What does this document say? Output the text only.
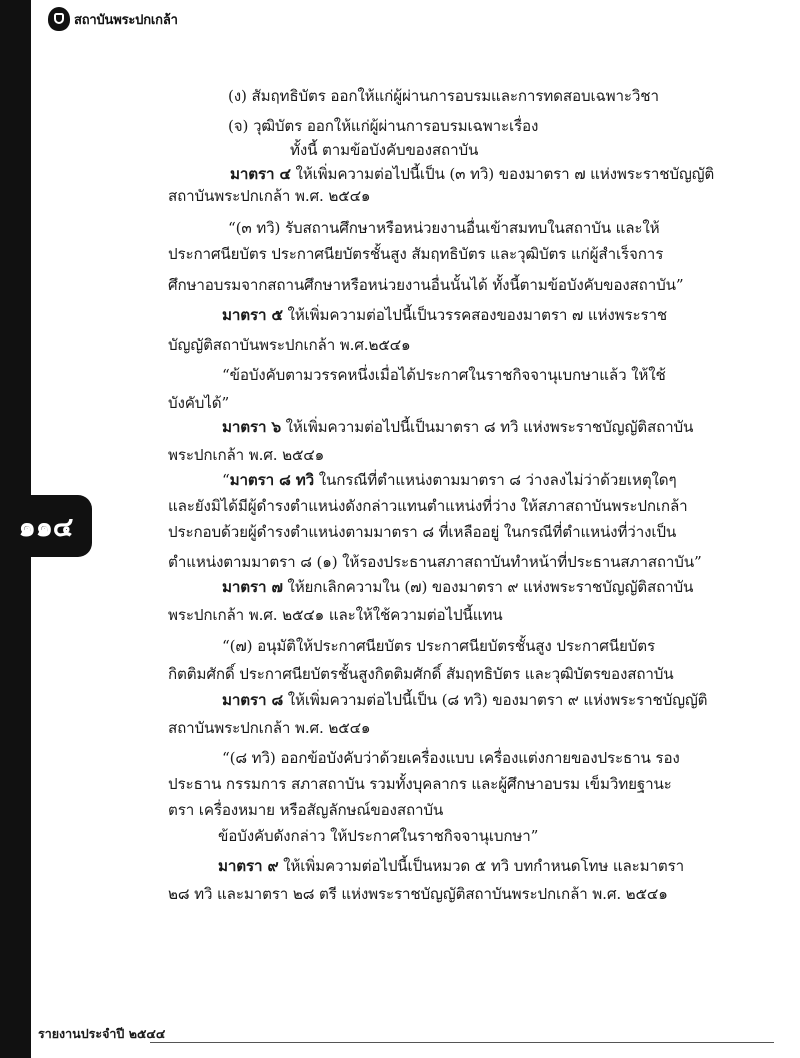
สถาบันพระปกเกล้า
๑๑๔
(ง) สัมฤทธิบัตร ออกให้แก่ผู้ผ่านการอบรมและการทดสอบเฉพาะวิชา
(จ) วุฒิบัตร ออกให้แก่ผู้ผ่านการอบรมเฉพาะเรื่อง
ทั้งนี้ ตามข้อบังคับของสถาบัน
มาตรา ๔ ให้เพิ่มความต่อไปนี้เป็น (๓ ทวิ) ของมาตรา ๗ แห่งพระราชบัญญัติ
สถาบันพระปกเกล้า พ.ศ. ๒๕๔๑
“(๓ ทวิ) รับสถานศึกษาหรือหน่วยงานอื่นเข้าสมทบในสถาบัน และให้
ประกาศนียบัตร ประกาศนียบัตรชั้นสูง สัมฤทธิบัตร และวุฒิบัตร แก่ผู้สำเร็จการ
ศึกษาอบรมจากสถานศึกษาหรือหน่วยงานอื่นนั้นได้ ทั้งนี้ตามข้อบังคับของสถาบัน”
มาตรา ๕ ให้เพิ่มความต่อไปนี้เป็นวรรคสองของมาตรา ๗ แห่งพระราช
บัญญัติสถาบันพระปกเกล้า พ.ศ.๒๕๔๑
“ข้อบังคับตามวรรคหนึ่งเมื่อได้ประกาศในราชกิจจานุเบกษาแล้ว ให้ใช้
บังคับได้”
มาตรา ๖ ให้เพิ่มความต่อไปนี้เป็นมาตรา ๘ ทวิ แห่งพระราชบัญญัติสถาบัน
พระปกเกล้า พ.ศ. ๒๕๔๑
“มาตรา ๘ ทวิ ในกรณีที่ตำแหน่งตามมาตรา ๘ ว่างลงไม่ว่าด้วยเหตุใดๆ
และยังมิได้มีผู้ดำรงตำแหน่งดังกล่าวแทนตำแหน่งที่ว่าง ให้สภาสถาบันพระปกเกล้า
ประกอบด้วยผู้ดำรงตำแหน่งตามมาตรา ๘ ที่เหลืออยู่ ในกรณีที่ตำแหน่งที่ว่างเป็น
ตำแหน่งตามมาตรา ๘ (๑) ให้รองประธานสภาสถาบันทำหน้าที่ประธานสภาสถาบัน”
มาตรา ๗ ให้ยกเลิกความใน (๗) ของมาตรา ๙ แห่งพระราชบัญญัติสถาบัน
พระปกเกล้า พ.ศ. ๒๕๔๑ และให้ใช้ความต่อไปนี้แทน
“(๗) อนุมัติให้ประกาศนียบัตร ประกาศนียบัตรชั้นสูง ประกาศนียบัตร
กิตติมศักดิ์ ประกาศนียบัตรชั้นสูงกิตติมศักดิ์ สัมฤทธิบัตร และวุฒิบัตรของสถาบัน
มาตรา ๘ ให้เพิ่มความต่อไปนี้เป็น (๘ ทวิ) ของมาตรา ๙ แห่งพระราชบัญญัติ
สถาบันพระปกเกล้า พ.ศ. ๒๕๔๑
“(๘ ทวิ) ออกข้อบังคับว่าด้วยเครื่องแบบ เครื่องแต่งกายของประธาน รอง
ประธาน กรรมการ สภาสถาบัน รวมทั้งบุคลากร และผู้ศึกษาอบรม เข็มวิทยฐานะ
ตรา เครื่องหมาย หรือสัญลักษณ์ของสถาบัน
ข้อบังคับดังกล่าว ให้ประกาศในราชกิจจานุเบกษา”
มาตรา ๙ ให้เพิ่มความต่อไปนี้เป็นหมวด ๕ ทวิ บทกำหนดโทษ และมาตรา
๒๘ ทวิ และมาตรา ๒๘ ตรี แห่งพระราชบัญญัติสถาบันพระปกเกล้า พ.ศ. ๒๕๔๑
รายงานประจำปี ๒๕๔๔
